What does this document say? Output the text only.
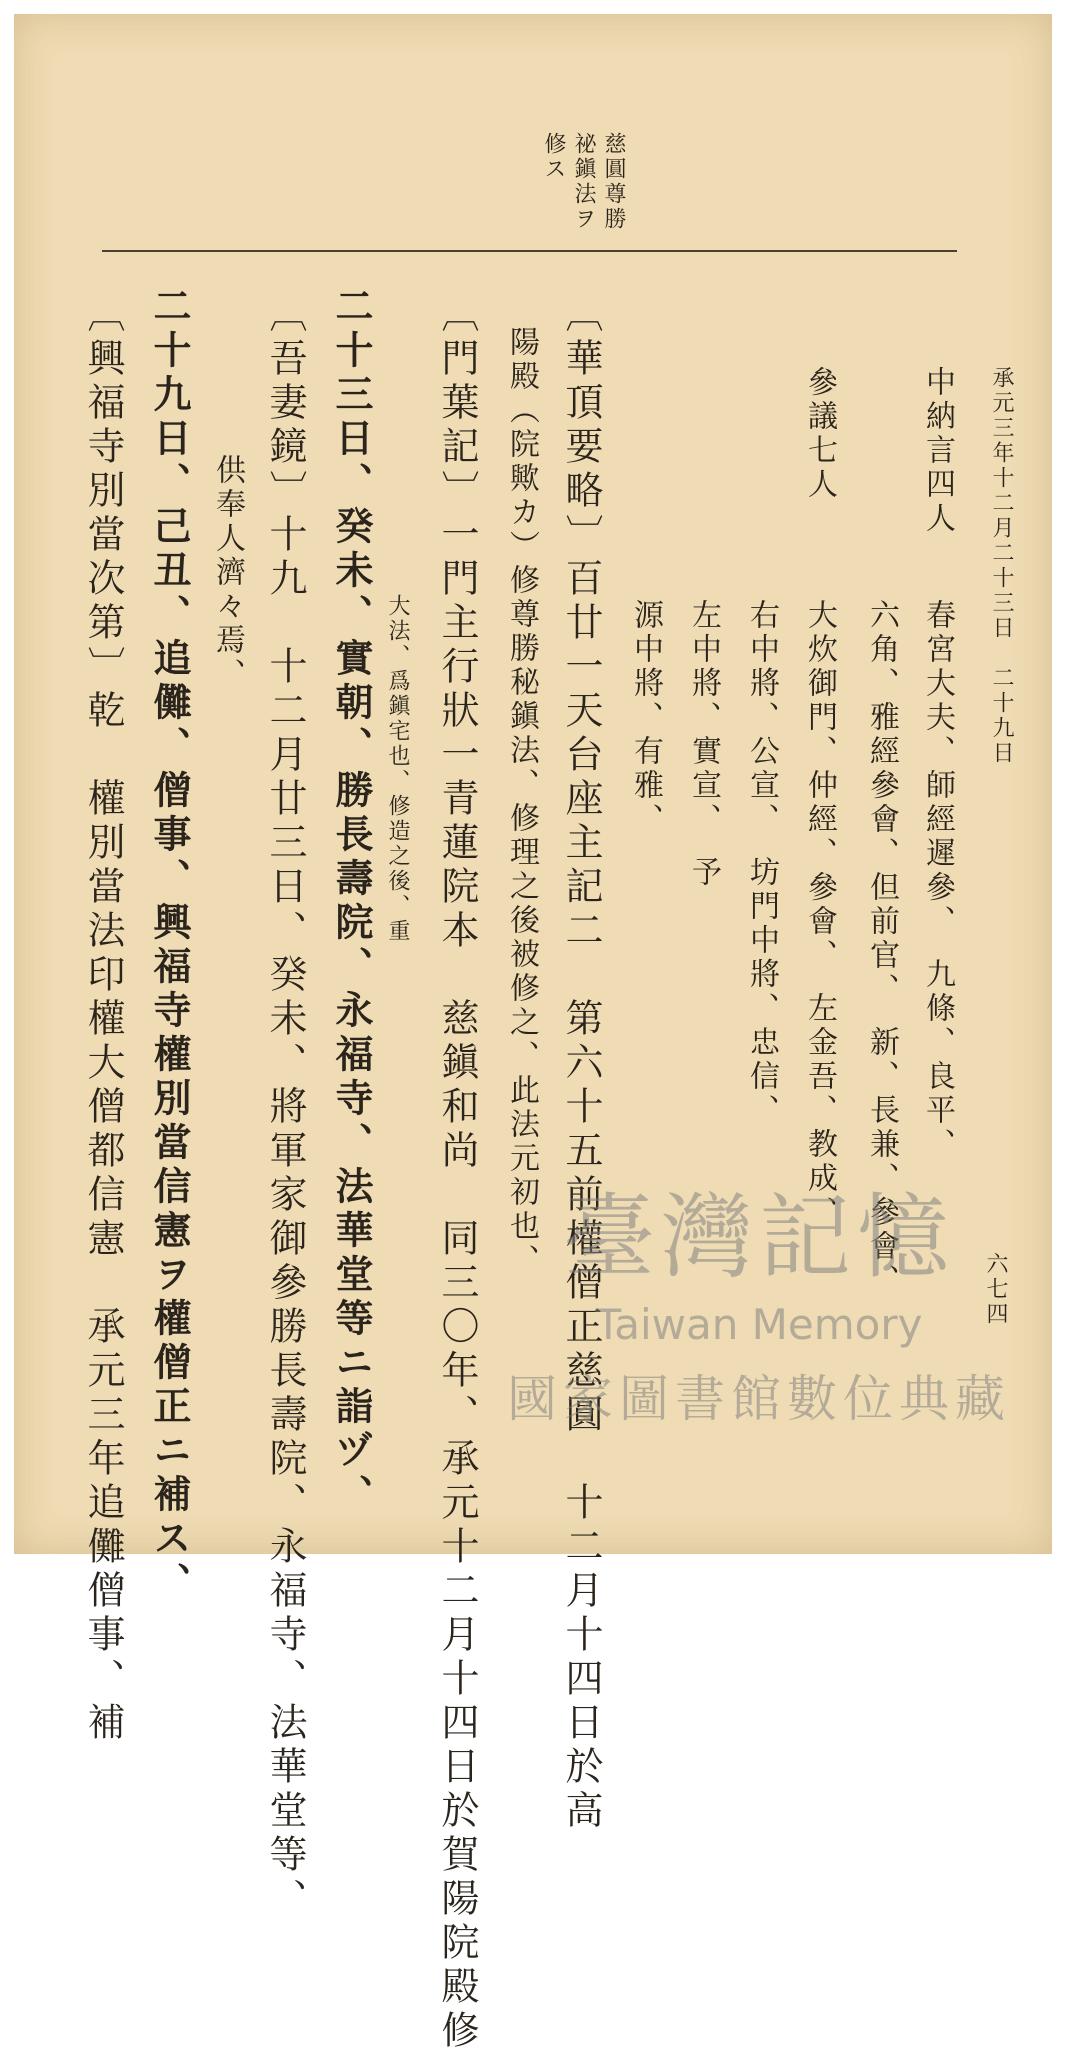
承元三年十二月二十三日　二十九日
六七四
慈圓尊勝
祕鎭法ヲ
修ス
中納言四人
春宮大夫、師經遲參、　九條、良平、
六角、雅經參會、但前官、　新、長兼、參會、
參議七人
大炊御門、仲經、參會、　左金吾、教成、
右中將、公宣、　坊門中將、忠信、
左中將、實宣、　予
源中將、有雅、
〔華頂要略〕百廿一天台座主記二　第六十五前權僧正慈圓　十二月十四日於高
陽殿（院歟カ）修尊勝秘鎭法、修理之後被修之、此法元初也、
〔門葉記〕一門主行狀一青蓮院本　慈鎭和尚　同三〇年、承元十二月十四日於賀陽院殿修
大法、爲鎭宅也、修造之後、重
二十三日、癸未、實朝、勝長壽院、永福寺、法華堂等ニ詣ヅ、
〔吾妻鏡〕十九　十二月廿三日、癸未、將軍家御參勝長壽院、永福寺、法華堂等、
供奉人濟々焉、
二十九日、己丑、追儺、僧事、興福寺權別當信憲ヲ權僧正ニ補ス、
〔興福寺別當次第〕乾　權別當法印權大僧都信憲　承元三年追儺僧事、補	臺灣記憶
Taiwan Memory
國家圖書館數位典藏
